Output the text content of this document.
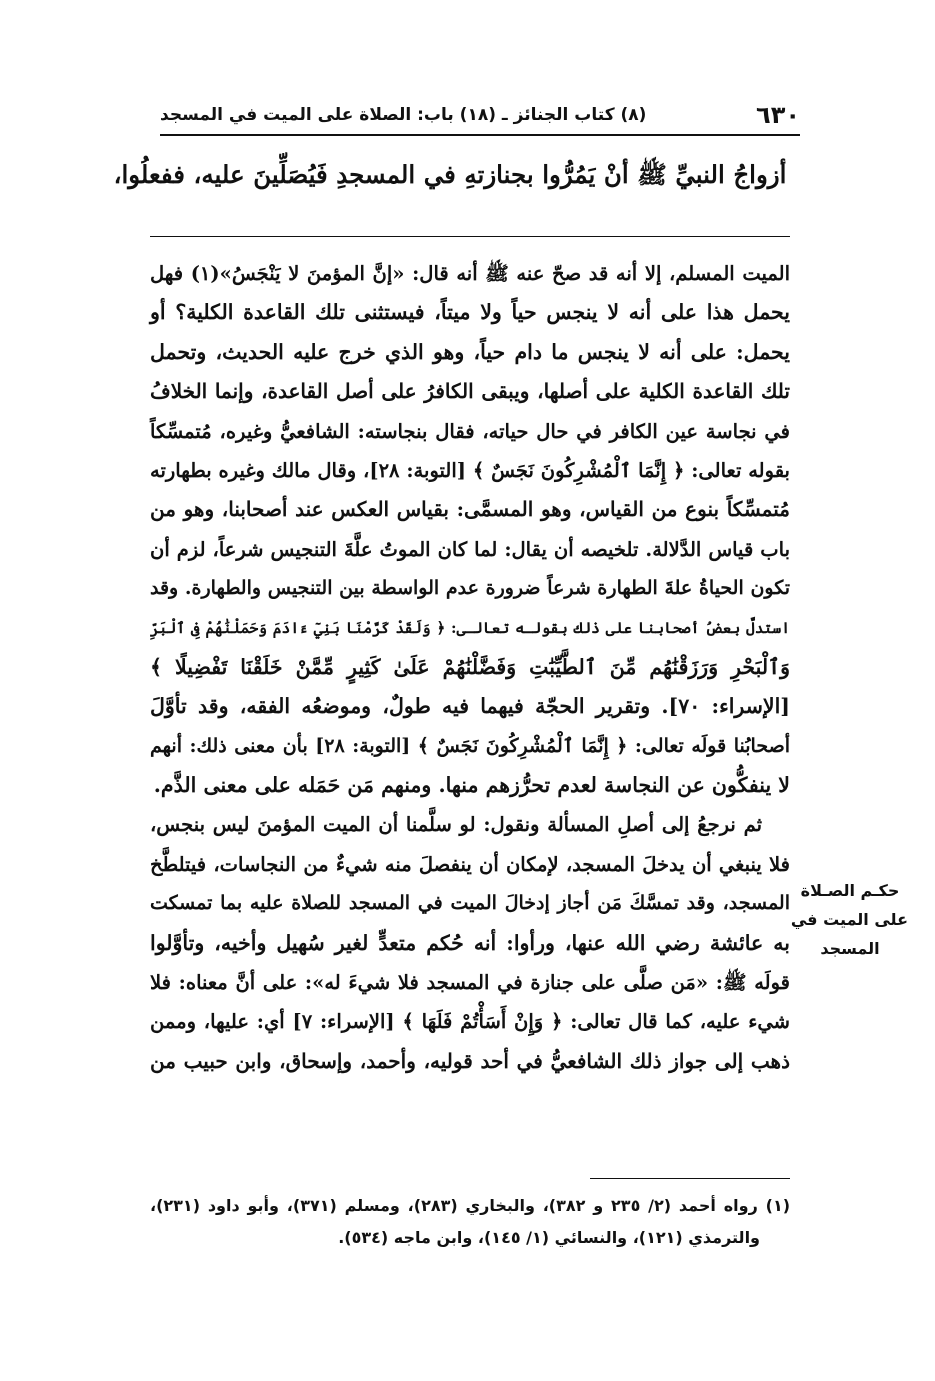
٦٣٠
(٨) كتاب الجنائز ـ (١٨) باب: الصلاة على الميت في المسجد
أزواجُ النبيِّ ﷺ أنْ يَمُرُّوا بجنازتهِ في المسجدِ فَيُصَلِّينَ عليه، ففعلُوا،
الميت المسلم، إلا أنه قد صحّ عنه ﷺ أنه قال: «إنَّ المؤمنَ لا يَنْجَسُ»(١) فهل
يحمل هذا على أنه لا ينجس حياً ولا ميتاً، فيستثنى تلك القاعدة الكلية؟ أو
يحمل: على أنه لا ينجس ما دام حياً، وهو الذي خرج عليه الحديث، وتحمل
تلك القاعدة الكلية على أصلها، ويبقى الكافرُ على أصل القاعدة، وإنما الخلافُ
في نجاسة عين الكافر في حال حياته، فقال بنجاسته: الشافعيُّ وغيره، مُتمسِّكاً
بقوله تعالى: ﴿ إِنَّمَا ٱلْمُشْرِكُونَ نَجَسٌ ﴾ [التوبة: ٢٨]، وقال مالك وغيره بطهارته
مُتمسِّكاً بنوع من القياس، وهو المسمَّى: بقياس العكس عند أصحابنا، وهو من
باب قياس الدَّلالة. تلخيصه أن يقال: لما كان الموتُ علَّةَ التنجيس شرعاً، لزم أن
تكون الحياةُ علةَ الطهارة شرعاً ضرورة عدم الواسطة بين التنجيس والطهارة. وقد
استدلَّ بعضُ أصحابنا على ذلك بقولـه تعالـى: ﴿ وَلَقَدْ كَرَّمْنَا بَنِيٓ ءَادَمَ وَحَمَلْنَٰهُمْ فِى ٱلْبَرِّ
وَٱلْبَحْرِ وَرَزَقْنَٰهُم مِّنَ ٱلطَّيِّبَٰتِ وَفَضَّلْنَٰهُمْ عَلَىٰ كَثِيرٍ مِّمَّنْ خَلَقْنَا تَفْضِيلًا ﴾
[الإسراء: ٧٠]. وتقرير الحجّة فيهما فيه طولٌ، وموضعُه الفقه، وقد تأوَّلَ
أصحابُنا قولَه تعالى: ﴿ إِنَّمَا ٱلْمُشْرِكُونَ نَجَسٌ ﴾ [التوبة: ٢٨] بأن معنى ذلك: أنهم
لا ينفكُّون عن النجاسة لعدم تحرُّزهم منها. ومنهم مَن حَمَله على معنى الذَّم.
ثم نرجعُ إلى أصلِ المسألة ونقول: لو سلَّمنا أن الميت المؤمنَ ليس بنجس،
فلا ينبغي أن يدخلَ المسجد، لإمكان أن ينفصلَ منه شيءٌ من النجاسات، فيتلطَّخ
المسجد، وقد تمسَّكَ مَن أجاز إدخالَ الميت في المسجد للصلاة عليه بما تمسكت
به عائشة رضي الله عنها، ورأوا: أنه حُكم متعدٍّ لغير سُهيل وأخيه، وتأوَّلوا
قولَه ﷺ: «مَن صلَّى على جنازة في المسجد فلا شيءَ له»: على أنَّ معناه: فلا
شيء عليه، كما قال تعالى: ﴿ وَإِنْ أَسَأْتُمْ فَلَهَا ﴾ [الإسراء: ٧] أي: عليها، وممن
ذهب إلى جواز ذلك الشافعيُّ في أحد قوليه، وأحمد، وإسحاق، وابن حبيب من
حكـم الصـلاة
على الميت في
المسجد
(١) رواه أحمد (٢/ ٢٣٥ و ٣٨٢)، والبخاري (٢٨٣)، ومسلم (٣٧١)، وأبو داود (٢٣١)،
والترمذي (١٢١)، والنسائي (١/ ١٤٥)، وابن ماجه (٥٣٤).
